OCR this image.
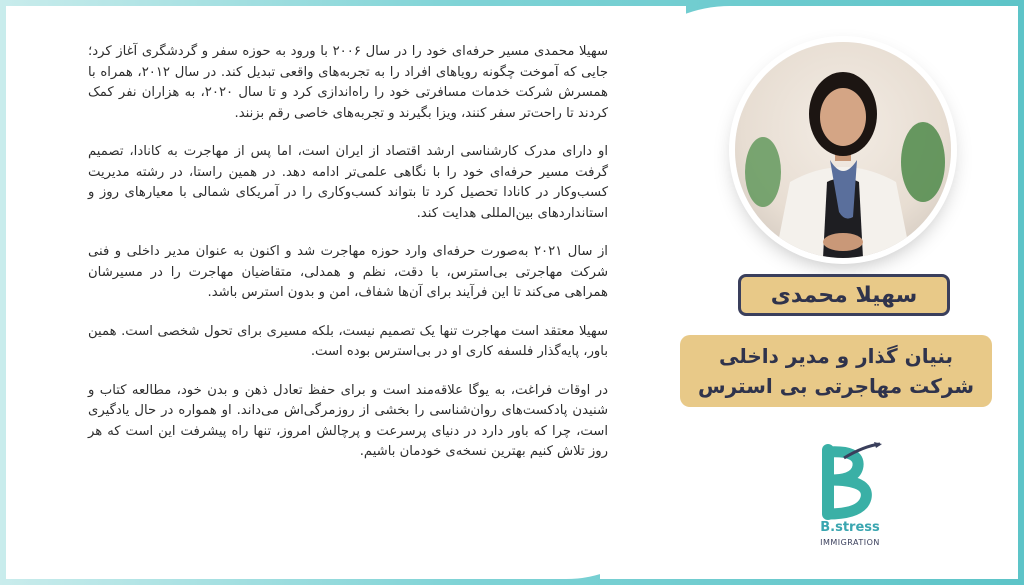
سهیلا محمدی مسیر حرفه‌ای خود را در سال ۲۰۰۶ با ورود به حوزه سفر و گردشگری آغاز کرد؛ جایی که آموخت چگونه رویاهای افراد را به تجربه‌های واقعی تبدیل کند. در سال ۲۰۱۲، همراه با همسرش شرکت خدمات مسافرتی خود را راه‌اندازی کرد و تا سال ۲۰۲۰، به هزاران نفر کمک کردند تا راحت‌تر سفر کنند، ویزا بگیرند و تجربه‌های خاصی رقم بزنند.

او دارای مدرک کارشناسی ارشد اقتصاد از ایران است، اما پس از مهاجرت به کانادا، تصمیم گرفت مسیر حرفه‌ای خود را با نگاهی علمی‌تر ادامه دهد. در همین راستا، در رشته مدیریت کسب‌وکار در کانادا تحصیل کرد تا بتواند کسب‌وکاری را در آمریکای شمالی با معیارهای روز و استانداردهای بین‌المللی هدایت کند.

از سال ۲۰۲۱ به‌صورت حرفه‌ای وارد حوزه مهاجرت شد و اکنون به عنوان مدیر داخلی و فنی شرکت مهاجرتی بی‌استرس، با دقت، نظم و همدلی، متقاضیان مهاجرت را در مسیرشان همراهی می‌کند تا این فرآیند برای آن‌ها شفاف، امن و بدون استرس باشد.

سهیلا معتقد است مهاجرت تنها یک تصمیم نیست، بلکه مسیری برای تحول شخصی است. همین باور، پایه‌گذار فلسفه کاری او در بی‌استرس بوده است.

در اوقات فراغت، به یوگا علاقه‌مند است و برای حفظ تعادل ذهن و بدن خود، مطالعه کتاب و شنیدن پادکست‌های روان‌شناسی را بخشی از روزمرگی‌اش می‌داند. او همواره در حال یادگیری است، چرا که باور دارد در دنیای پرسرعت و پرچالش امروز، تنها راه پیشرفت این است که هر روز تلاش کنیم بهترین نسخه‌ی خودمان باشیم.

سهیلا محمدی
بنیان گذار و مدیر داخلی
شرکت مهاجرتی بی استرس
B.stress
IMMIGRATION
